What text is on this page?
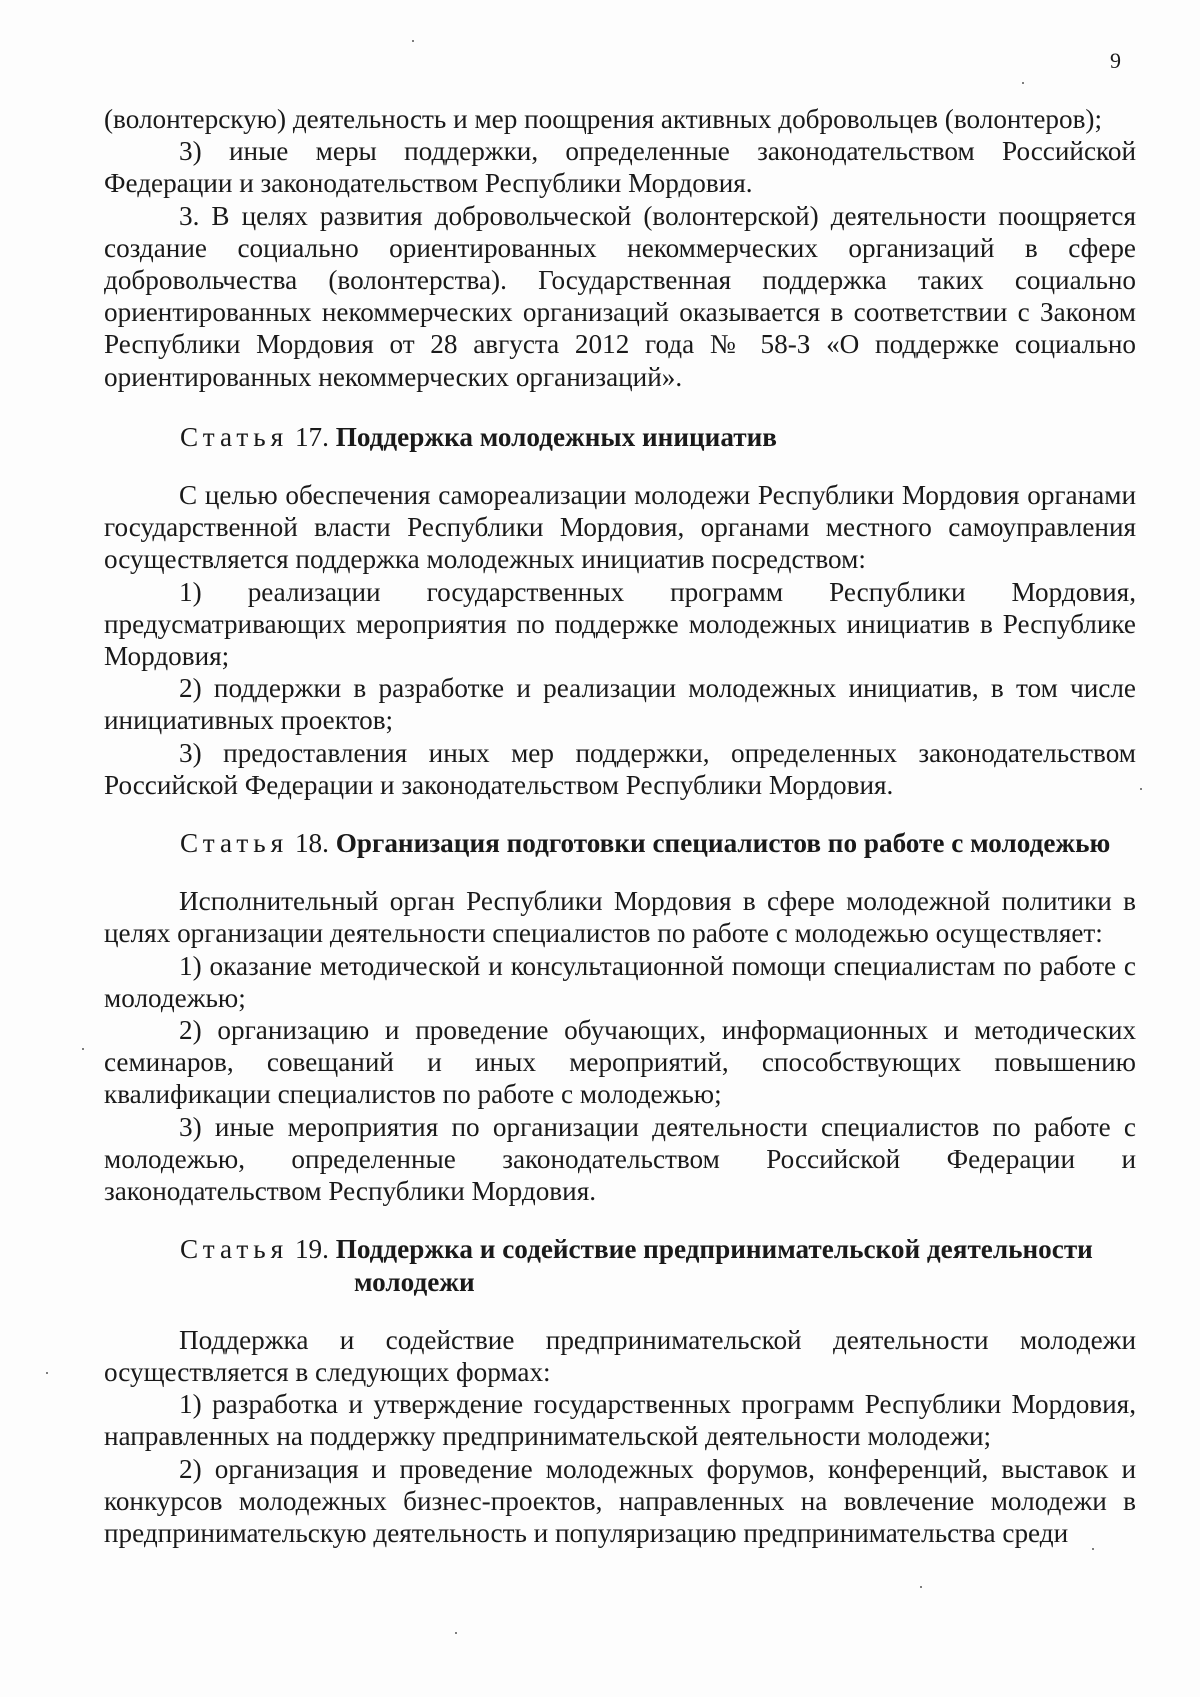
9

(волонтерскую) деятельность и мер поощрения активных добровольцев (волонтеров);

3) иные меры поддержки, определенные законодательством Российской Федерации и законодательством Республики Мордовия.

3. В целях развития добровольческой (волонтерской) деятельности поощряется создание социально ориентированных некоммерческих организаций в сфере добровольчества (волонтерства). Государственная поддержка таких социально ориентированных некоммерческих организаций оказывается в соответствии с Законом Республики Мордовия от 28 августа 2012 года № 58-З «О поддержке социально ориентированных некоммерческих организаций».

Статья 17. Поддержка молодежных инициатив

С целью обеспечения самореализации молодежи Республики Мордовия органами государственной власти Республики Мордовия, органами местного самоуправления осуществляется поддержка молодежных инициатив посредством:

1) реализации государственных программ Республики Мордовия, предусматривающих мероприятия по поддержке молодежных инициатив в Республике Мордовия;

2) поддержки в разработке и реализации молодежных инициатив, в том числе инициативных проектов;

3) предоставления иных мер поддержки, определенных законодательством Российской Федерации и законодательством Республики Мордовия.

Статья 18. Организация подготовки специалистов по работе с молодежью

Исполнительный орган Республики Мордовия в сфере молодежной политики в целях организации деятельности специалистов по работе с молодежью осуществляет:

1) оказание методической и консультационной помощи специалистам по работе с молодежью;

2) организацию и проведение обучающих, информационных и методических семинаров, совещаний и иных мероприятий, способствующих повышению квалификации специалистов по работе с молодежью;

3) иные мероприятия по организации деятельности специалистов по работе с молодежью, определенные законодательством Российской Федерации и законодательством Республики Мордовия.

Статья 19. Поддержка и содействие предпринимательской деятельности молодежи

Поддержка и содействие предпринимательской деятельности молодежи осуществляется в следующих формах:

1) разработка и утверждение государственных программ Республики Мордовия, направленных на поддержку предпринимательской деятельности молодежи;

2) организация и проведение молодежных форумов, конференций, выставок и конкурсов молодежных бизнес-проектов, направленных на вовлечение молодежи в предпринимательскую деятельность и популяризацию предпринимательства среди
